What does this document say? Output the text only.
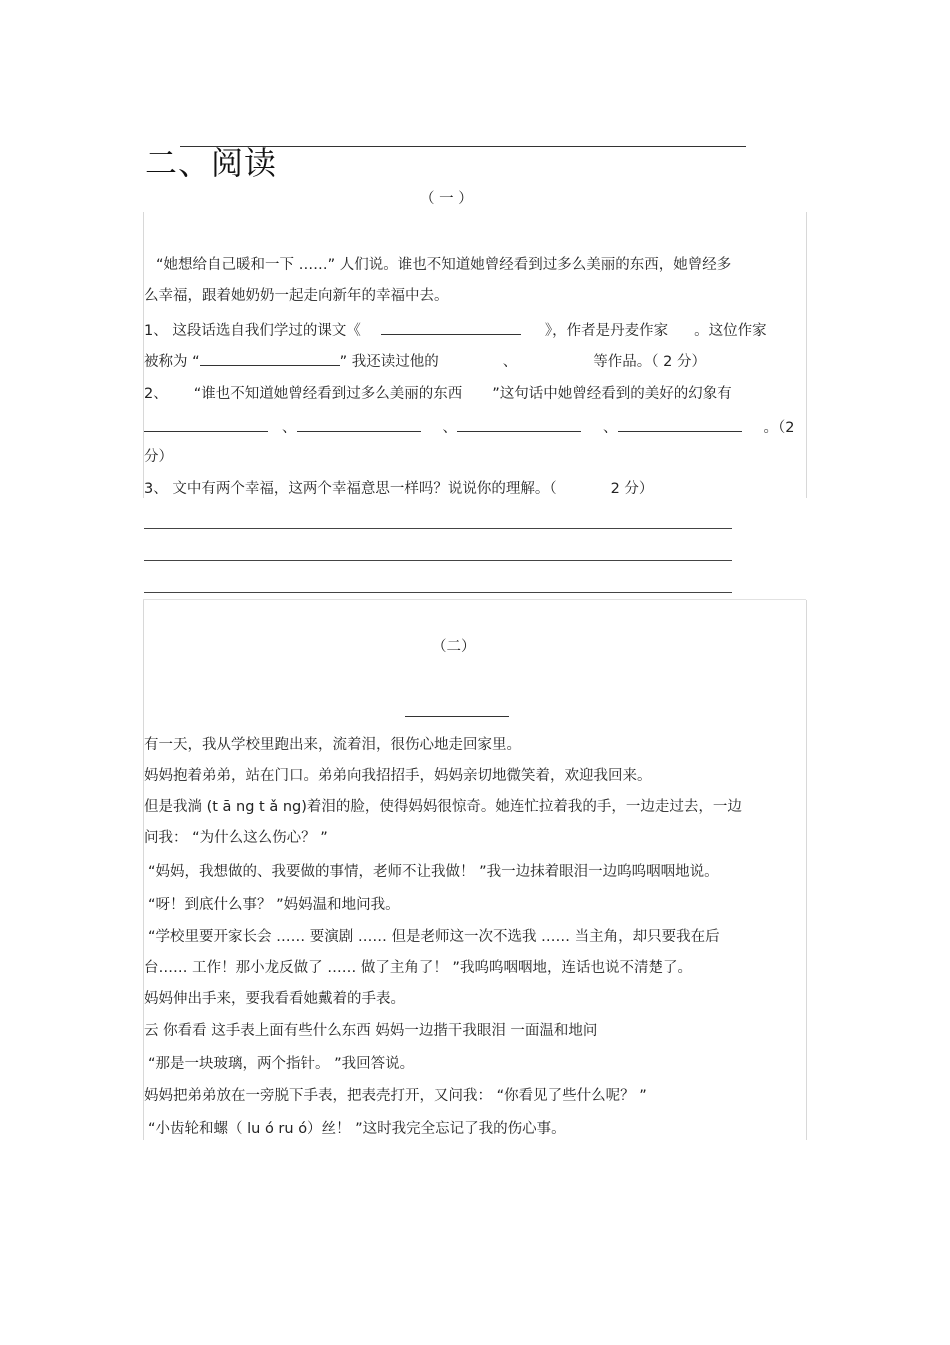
二、阅读
（ 一 ）
“她想给自己暖和一下 ……” 人们说。谁也不知道她曾经看到过多么美丽的东西，她曾经多
么幸福，跟着她奶奶一起走向新年的幸福中去。
1、 这段话选自我们学过的课文《	》，作者是丹麦作家 。这位作家
被称为 “	” 我还读过他的	、	等作品。（ 2 分）
2、 “谁也不知道她曾经看到过多么美丽的东西 ”这句话中她曾经看到的美好的幻象有
、	、	、	。（2
分）
3、 文中有两个幸福，这两个幸福意思一样吗？说说你的理解。（	2 分）
（二）
有一天，我从学校里跑出来，流着泪，很伤心地走回家里。
妈妈抱着弟弟，站在门口。弟弟向我招招手，妈妈亲切地微笑着，欢迎我回来。
但是我淌 (t ā ng t ǎ ng)着泪的脸，使得妈妈很惊奇。她连忙拉着我的手，一边走过去，一边
问我： “为什么这么伤心？ ”
“妈妈，我想做的、我要做的事情，老师不让我做！ ”我一边抹着眼泪一边呜呜咽咽地说。
“呀！到底什么事？ ”妈妈温和地问我。
“学校里要开家长会 …… 要演剧 …… 但是老师这一次不选我 …… 当主角，却只要我在后
台…… 工作！那小龙反做了 …… 做了主角了！ ”我呜呜咽咽地，连话也说不清楚了。
妈妈伸出手来，要我看看她戴着的手表。
云 你看看 这手表上面有些什么东西 妈妈一边揩干我眼泪 一面温和地问
“那是一块玻璃，两个指针。 ”我回答说。
妈妈把弟弟放在一旁脱下手表，把表壳打开，又问我： “你看见了些什么呢？ ”
“小齿轮和螺（ lu ó ru ó）丝！ ”这时我完全忘记了我的伤心事。
